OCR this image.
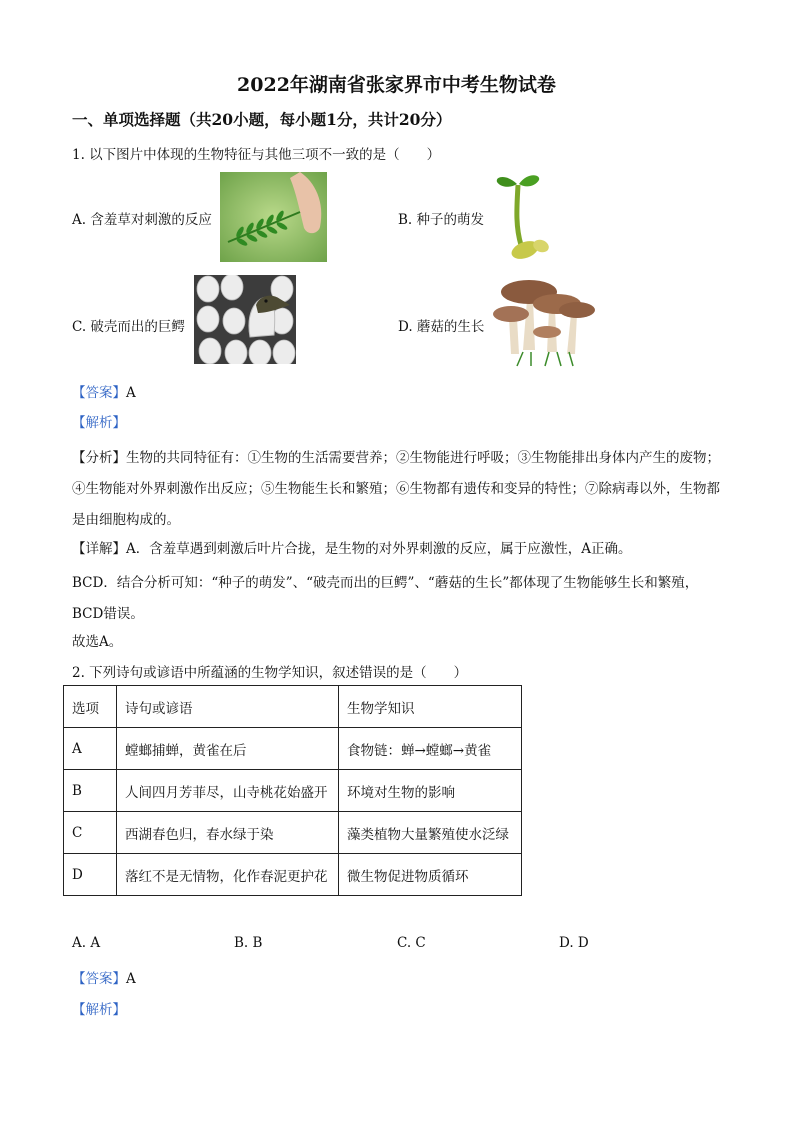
2022年湖南省张家界市中考生物试卷
一、单项选择题（共20小题，每小题1分，共计20分）
1. 以下图片中体现的生物特征与其他三项不一致的是（　　）
A. 含羞草对刺激的反应	B. 种子的萌发
C. 破壳而出的巨鳄	D. 蘑菇的生长
【答案】A
【解析】
【分析】生物的共同特征有：①生物的生活需要营养；②生物能进行呼吸；③生物能排出身体内产生的废物；④生物能对外界刺激作出反应；⑤生物能生长和繁殖；⑥生物都有遗传和变异的特性；⑦除病毒以外，生物都是由细胞构成的。
【详解】A．含羞草遇到刺激后叶片合拢，是生物的对外界刺激的反应，属于应激性，A正确。
BCD．结合分析可知：“种子的萌发”、“破壳而出的巨鳄”、“蘑菇的生长”都体现了生物能够生长和繁殖，BCD错误。
故选A。
2. 下列诗句或谚语中所蕴涵的生物学知识，叙述错误的是（　　）
选项	诗句或谚语	生物学知识
A	螳螂捕蝉，黄雀在后	食物链：蝉→螳螂→黄雀
B	人间四月芳菲尽，山寺桃花始盛开	环境对生物的影响
C	西湖春色归，春水绿于染	藻类植物大量繁殖使水泛绿
D	落红不是无情物，化作春泥更护花	微生物促进物质循环
A. A	B. B	C. C	D. D
【答案】A
【解析】
